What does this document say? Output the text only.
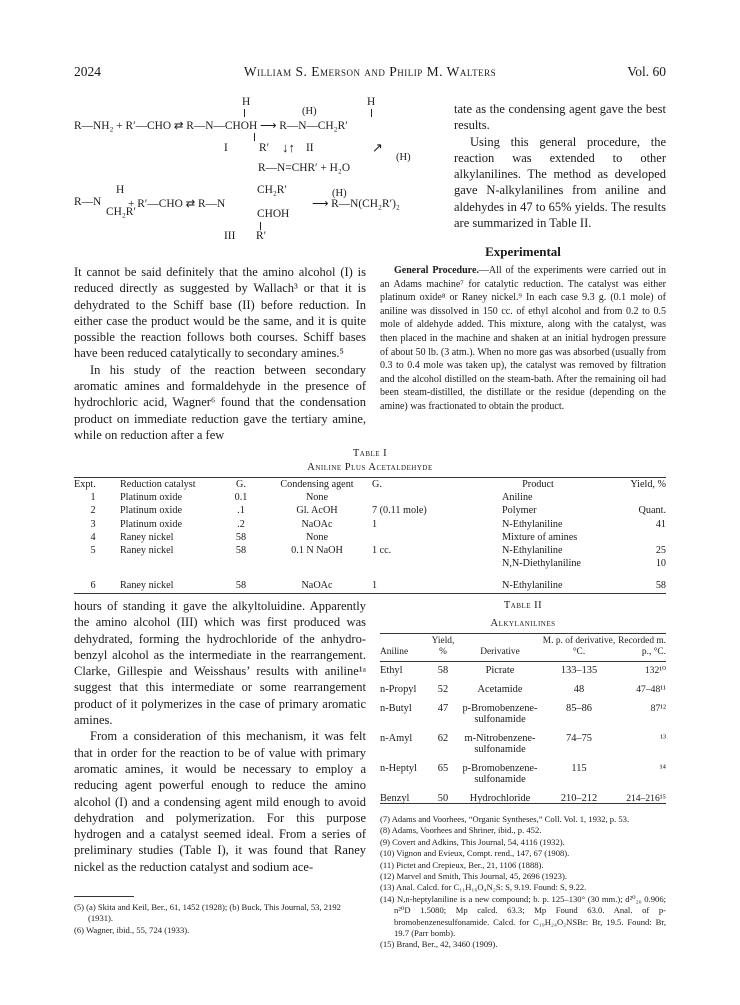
2024	William S. Emerson and Philip M. Walters	Vol. 60
H	H
(H)
R—NH₂ + R′—CHO ⇄ R—N—CHOH ⟶ R—N—CH₂R′
I	R′ ↓↑ II	↗
(H)
R—N=CHR′ + H₂O
H	CH₂R′	(H)
R—N + R′—CHO ⇄ R—N	⟶ R—N(CH₂R′)₂
CH₂R′	CHOH
III R′

It cannot be said definitely that the amino alcohol (I) is reduced directly as suggested by Wallach³ or that it is dehydrated to the Schiff base (II) before reduction. In either case the product would be the same, and it is quite possible the reaction follows both courses. Schiff bases have been reduced catalytically to secondary amines.⁵

In his study of the reaction between secondary aromatic amines and formaldehyde in the presence of hydrochloric acid, Wagner⁶ found that the condensation product on immediate reduction gave the tertiary amine, while on reduction after a few

tate as the condensing agent gave the best results.

Using this general procedure, the reaction was extended to other alkylanilines. The method as developed gave N-alkylanilines from aniline and aldehydes in 47 to 65% yields. The results are summarized in Table II.

Experimental

General Procedure.—All of the experiments were carried out in an Adams machine⁷ for catalytic reduction. The catalyst was either platinum oxide⁸ or Raney nickel.⁹ In each case 9.3 g. (0.1 mole) of aniline was dissolved in 150 cc. of ethyl alcohol and from 0.2 to 0.5 mole of aldehyde added. This mixture, along with the catalyst, was then placed in the machine and shaken at an initial hydrogen pressure of about 50 lb. (3 atm.). When no more gas was absorbed (usually from 0.3 to 0.4 mole was taken up), the catalyst was removed by filtration and the alcohol distilled on the steam-bath. After the remaining oil had been steam-distilled, the distillate or the residue (depending on the amine) was fractionated to obtain the product.

Table I
Aniline Plus Acetaldehyde
Expt.	Reduction catalyst	G.	Condensing agent	G.	Product	Yield, %
1	Platinum oxide	0.1	None		Aniline	
2	Platinum oxide	.1	Gl. AcOH	7 (0.11 mole)	Polymer	Quant.
3	Platinum oxide	.2	NaOAc	1	N-Ethylaniline	41
4	Raney nickel	58	None		Mixture of amines	
5	Raney nickel	58	0.1 N NaOH	1 cc.	N-Ethylaniline	25
					N,N-Diethylaniline	10
6	Raney nickel	58	NaOAc	1	N-Ethylaniline	58

hours of standing it gave the alkyltoluidine. Apparently the amino alcohol (III) which was first produced was dehydrated, forming the hydrochloride of the anhydro-benzyl alcohol as the intermediate in the rearrangement. Clarke, Gillespie and Weisshaus’ results with aniline¹ᵃ suggest that this intermediate or some rearrangement product of it polymerizes in the case of primary aromatic amines.

From a consideration of this mechanism, it was felt that in order for the reaction to be of value with primary aromatic amines, it would be necessary to employ a reducing agent powerful enough to reduce the amino alcohol (I) and a condensing agent mild enough to avoid dehydration and polymerization. For this purpose hydrogen and a catalyst seemed ideal. From a series of preliminary studies (Table I), it was found that Raney nickel as the reduction catalyst and sodium ace-

(5) (a) Skita and Keil, Ber., 61, 1452 (1928); (b) Buck, This Journal, 53, 2192 (1931).

(6) Wagner, ibid., 55, 724 (1933).

Table II
Alkylanilines
Aniline	Yield, %	Derivative	M. p. of derivative, °C.	Recorded m. p., °C.

Ethyl	58	Picrate	133–135	132¹⁰
n-Propyl	52	Acetamide	48	47–48¹¹
n-Butyl	47	p-Bromobenzene-
sulfonamide	85–86	87¹²
n-Amyl	62	m-Nitrobenzene-
sulfonamide	74–75	¹³
n-Heptyl	65	p-Bromobenzene-
sulfonamide	115	¹⁴
Benzyl	50	Hydrochloride	210–212	214–216¹⁵

(7) Adams and Voorhees, “Organic Syntheses,” Coll. Vol. 1, 1932, p. 53.

(8) Adams, Voorhees and Shriner, ibid., p. 452.

(9) Covert and Adkins, This Journal, 54, 4116 (1932).

(10) Vignon and Evieux, Compt. rend., 147, 67 (1908).

(11) Pictet and Crepieux, Ber., 21, 1106 (1888).

(12) Marvel and Smith, This Journal, 45, 2696 (1923).

(13) Anal. Calcd. for C₁₁H₁₆O₄N₂S: S, 9.19. Found: S, 9.22.

(14) N,n-heptylaniline is a new compound; b. p. 125–130° (30 mm.); d²⁰₂₀ 0.906; n²⁰D 1.5080; Mp calcd. 63.3; Mp Found 63.0. Anal. of p-bromobenzenesulfonamide. Calcd. for C₁₉H₂₄O₂NSBr: Br, 19.5. Found: Br, 19.7 (Parr bomb).

(15) Brand, Ber., 42, 3460 (1909).
